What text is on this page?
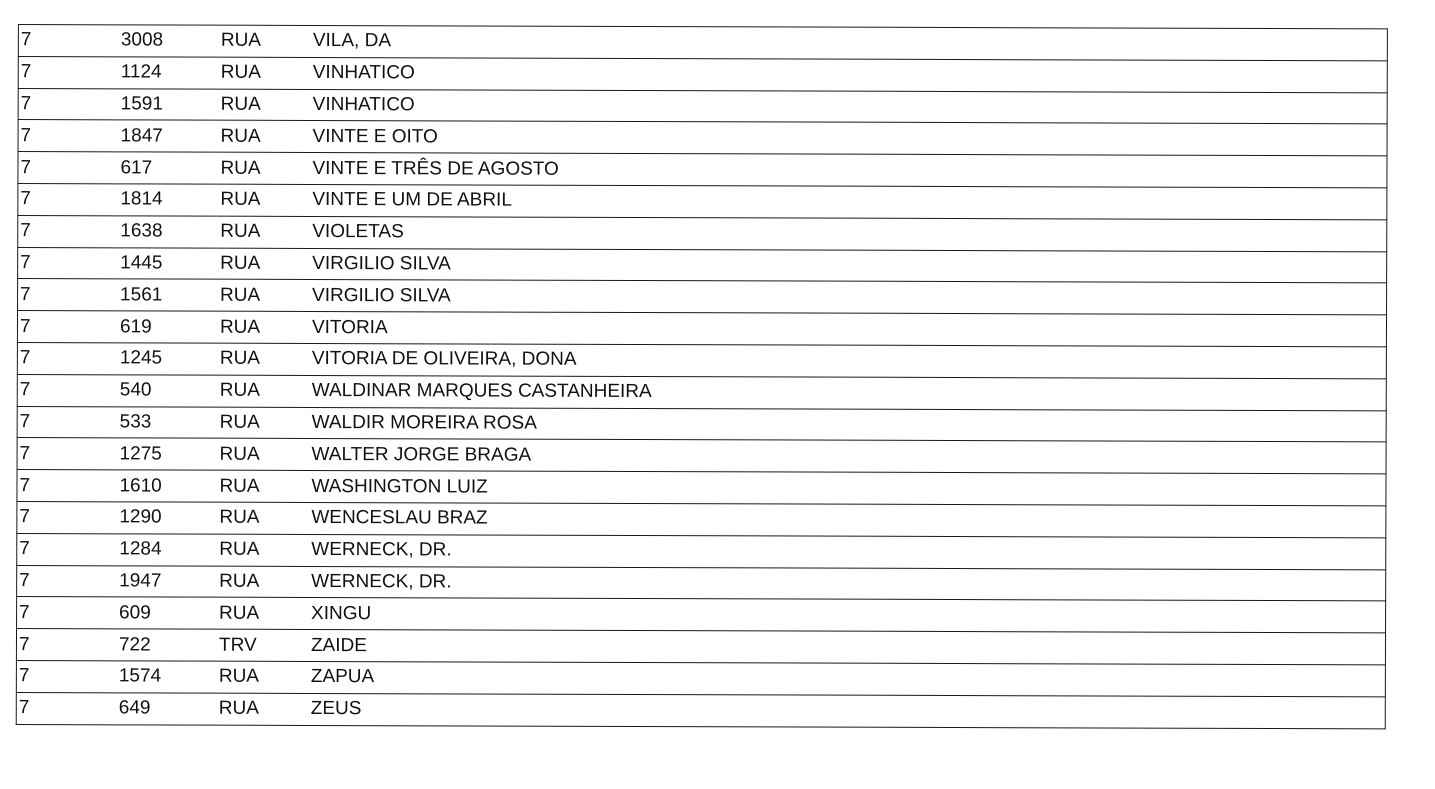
7	3008	RUA	VILA, DA
7	1124	RUA	VINHATICO
7	1591	RUA	VINHATICO
7	1847	RUA	VINTE E OITO
7	617	RUA	VINTE E TRÊS DE AGOSTO
7	1814	RUA	VINTE E UM DE ABRIL
7	1638	RUA	VIOLETAS
7	1445	RUA	VIRGILIO SILVA
7	1561	RUA	VIRGILIO SILVA
7	619	RUA	VITORIA
7	1245	RUA	VITORIA DE OLIVEIRA, DONA
7	540	RUA	WALDINAR MARQUES CASTANHEIRA
7	533	RUA	WALDIR MOREIRA ROSA
7	1275	RUA	WALTER JORGE BRAGA
7	1610	RUA	WASHINGTON LUIZ
7	1290	RUA	WENCESLAU BRAZ
7	1284	RUA	WERNECK, DR.
7	1947	RUA	WERNECK, DR.
7	609	RUA	XINGU
7	722	TRV	ZAIDE
7	1574	RUA	ZAPUA
7	649	RUA	ZEUS
